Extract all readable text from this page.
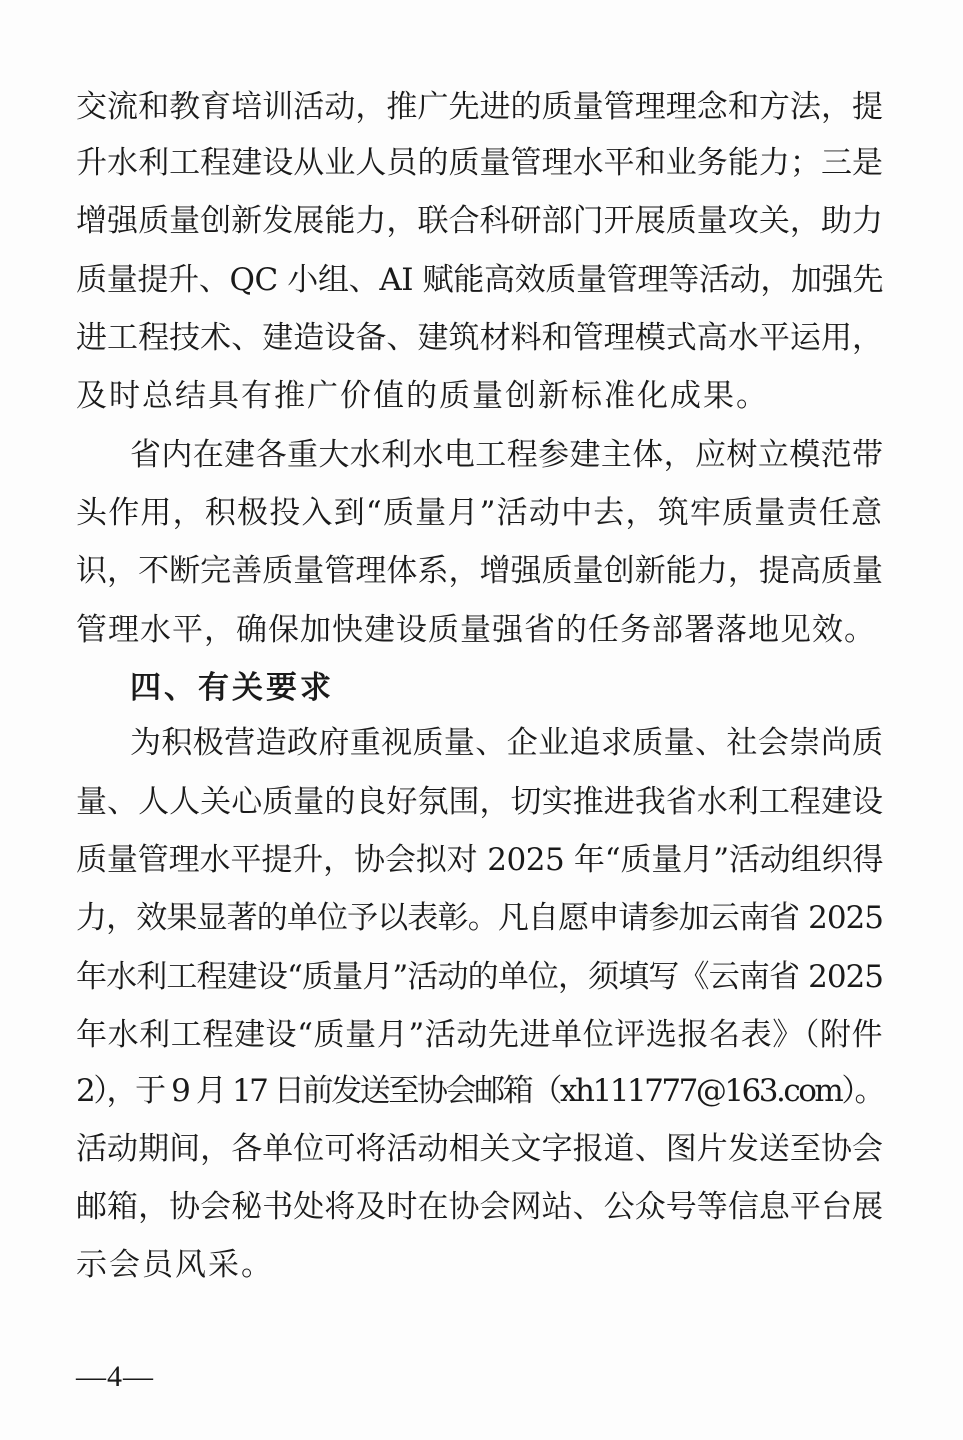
交流和教育培训活动，推广先进的质量管理理念和方法，提
升水利工程建设从业人员的质量管理水平和业务能力；三是
增强质量创新发展能力，联合科研部门开展质量攻关，助力
质量提升、QC 小组、AI 赋能高效质量管理等活动，加强先
进工程技术、建造设备、建筑材料和管理模式高水平运用，
及时总结具有推广价值的质量创新标准化成果。
省内在建各重大水利水电工程参建主体，应树立模范带
头作用，积极投入到“质量月”活动中去，筑牢质量责任意
识，不断完善质量管理体系，增强质量创新能力，提高质量
管理水平，确保加快建设质量强省的任务部署落地见效。
四、有关要求
为积极营造政府重视质量、企业追求质量、社会崇尚质
量、人人关心质量的良好氛围，切实推进我省水利工程建设
质量管理水平提升，协会拟对 2025 年“质量月”活动组织得
力，效果显著的单位予以表彰。凡自愿申请参加云南省 2025
年水利工程建设“质量月”活动的单位，须填写《云南省 2025
年水利工程建设“质量月”活动先进单位评选报名表》（附件
2），于 9 月 17 日前发送至协会邮箱（xh111777@163.com）。
活动期间，各单位可将活动相关文字报道、图片发送至协会
邮箱，协会秘书处将及时在协会网站、公众号等信息平台展
示会员风采。
—4—
